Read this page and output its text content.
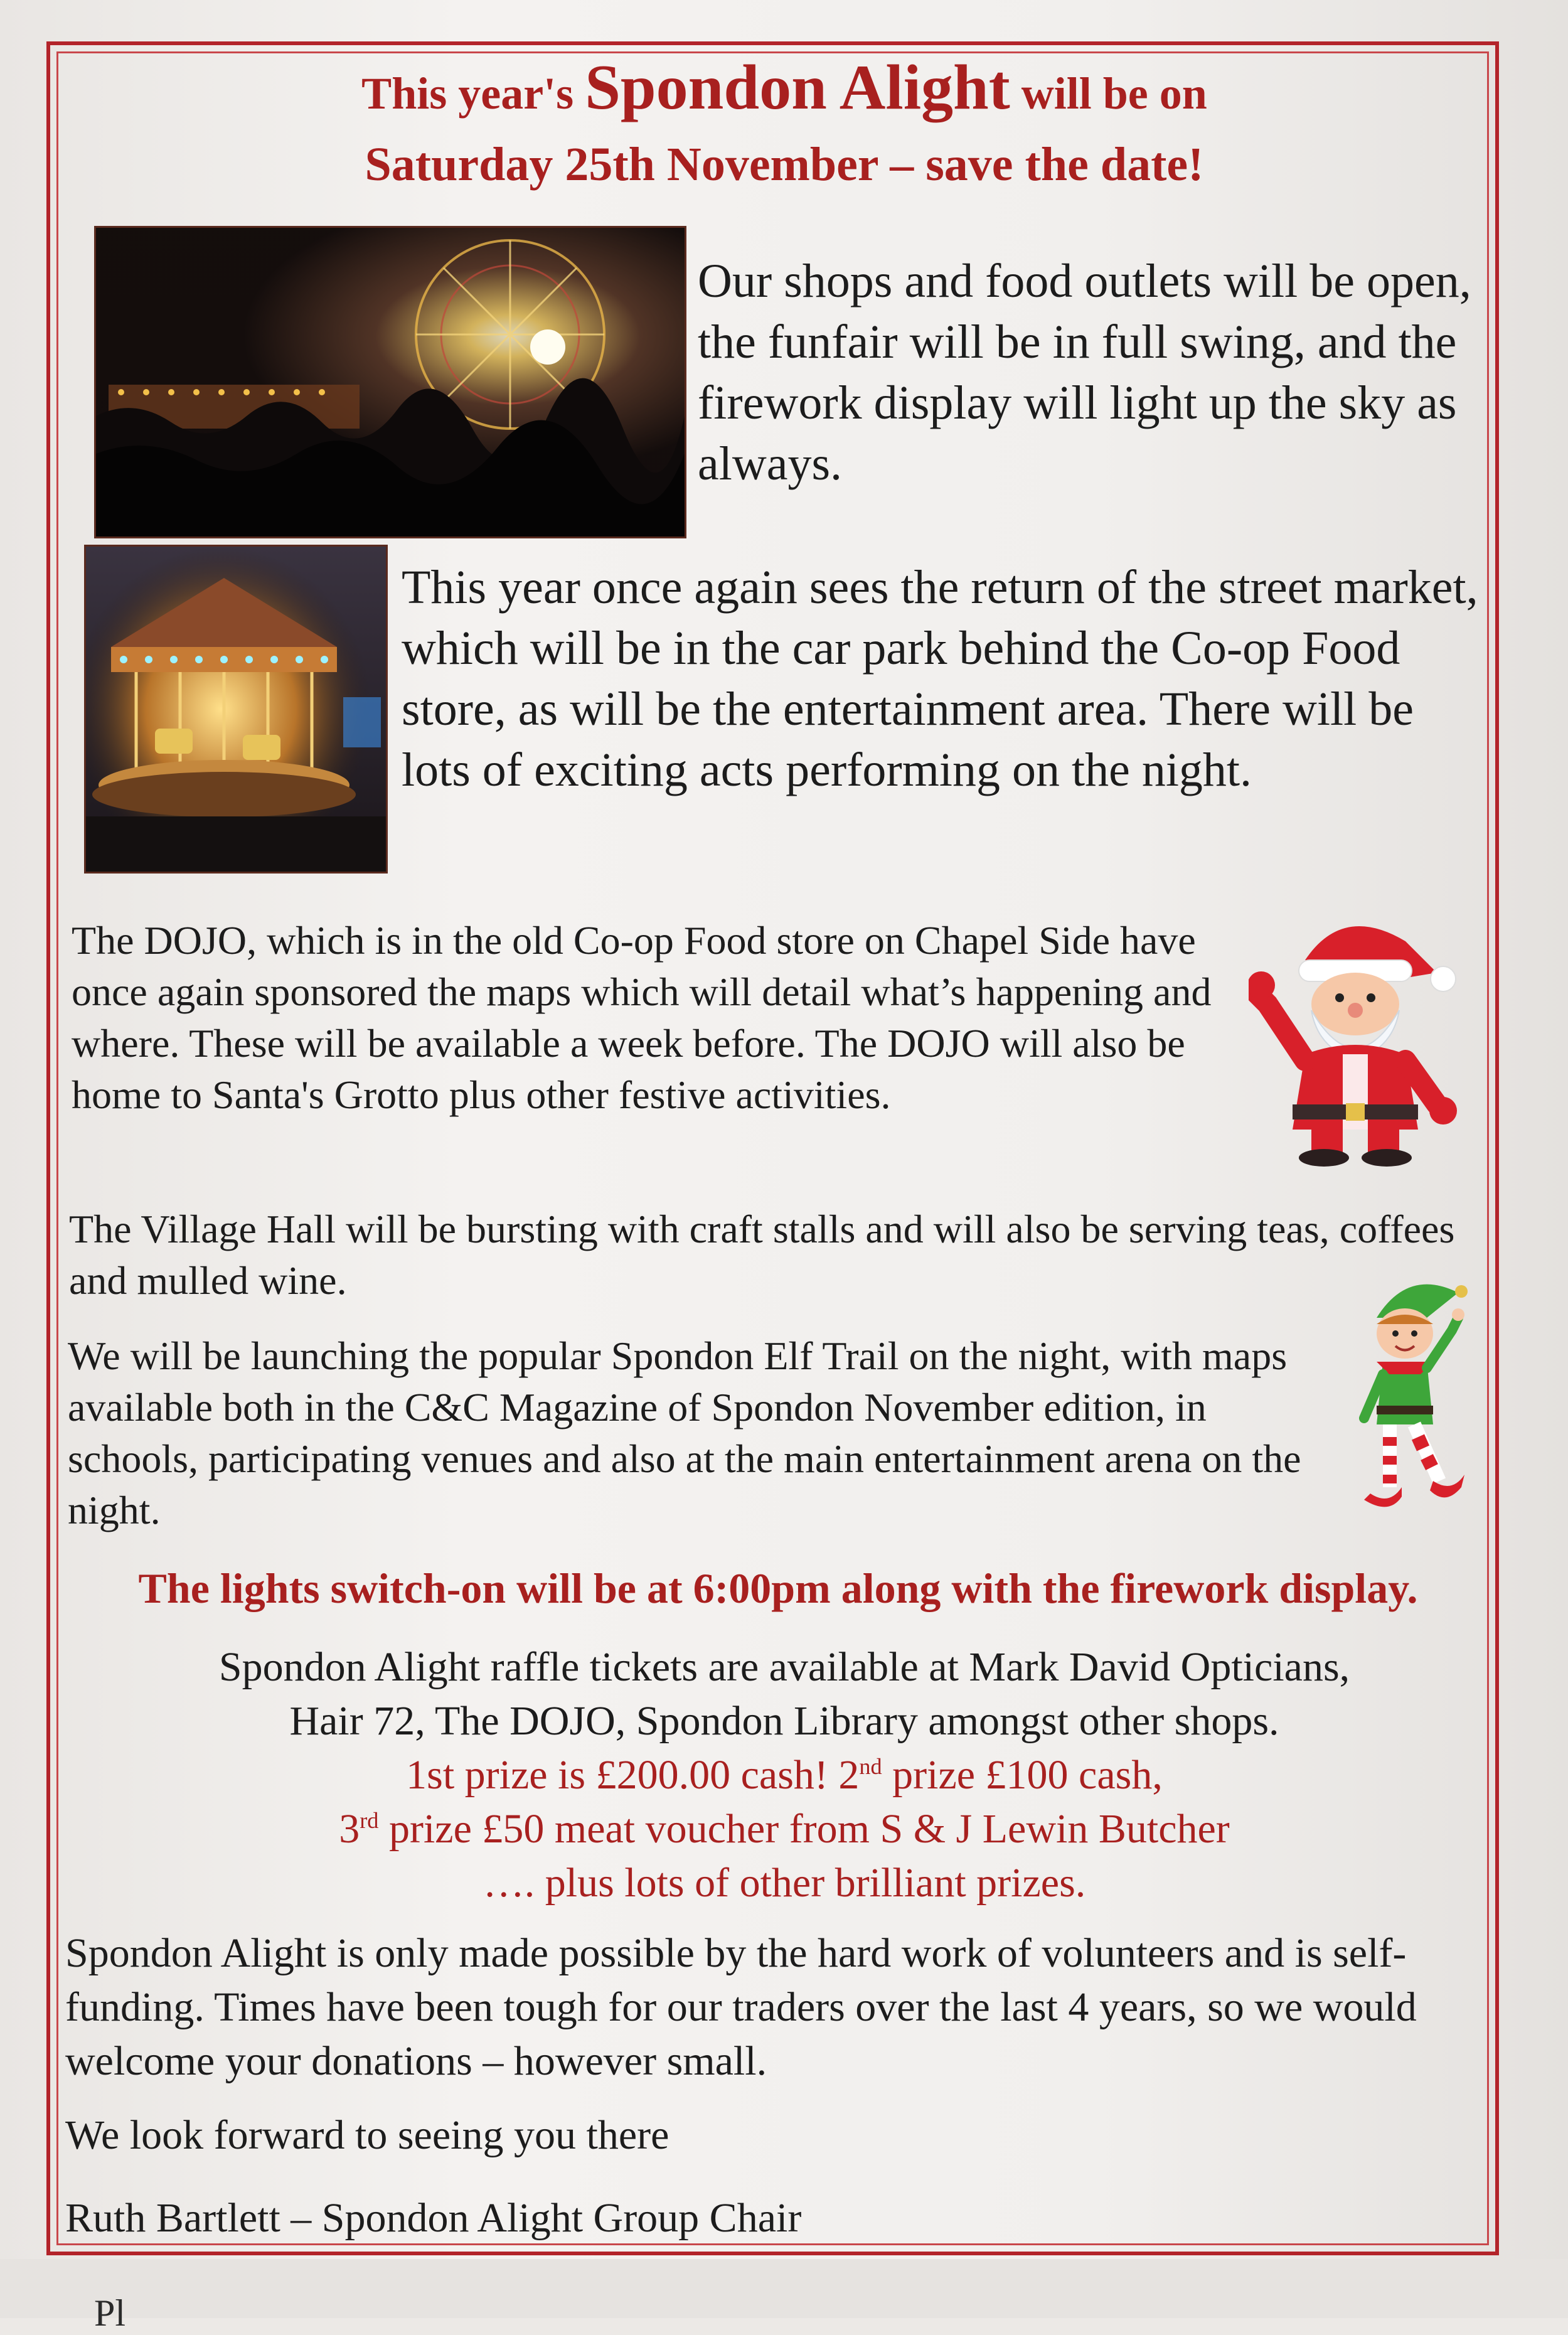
This year's Spondon Alight will be on

Saturday 25th November – save the date!

Our shops and food outlets will be open, the funfair will be in full swing, and the firework display will light up the sky as always.

This year once again sees the return of the street market, which will be in the car park behind the Co-op Food store, as will be the entertainment area. There will be lots of exciting acts performing on the night.

The DOJO, which is in the old Co-op Food store on Chapel Side have once again sponsored the maps which will detail what’s happening and where. These will be available a week before. The DOJO will also be home to Santa's Grotto plus other festive activities.

The Village Hall will be bursting with craft stalls and will also be serving teas, coffees and mulled wine.

We will be launching the popular Spondon Elf Trail on the night, with maps available both in the C&C Magazine of Spondon November edition, in schools, participating venues and also at the main entertainment arena on the night.

The lights switch-on will be at 6:00pm along with the firework display.

Spondon Alight raffle tickets are available at Mark David Opticians,
Hair 72, The DOJO, Spondon Library amongst other shops.
1st prize is £200.00 cash! 2nd prize £100 cash,
3rd prize £50 meat voucher from S & J Lewin Butcher
…. plus lots of other brilliant prizes.

Spondon Alight is only made possible by the hard work of volunteers and is self-funding. Times have been tough for our traders over the last 4 years, so we would welcome your donations – however small.

We look forward to seeing you there

Ruth Bartlett – Spondon Alight Group Chair

Pl
